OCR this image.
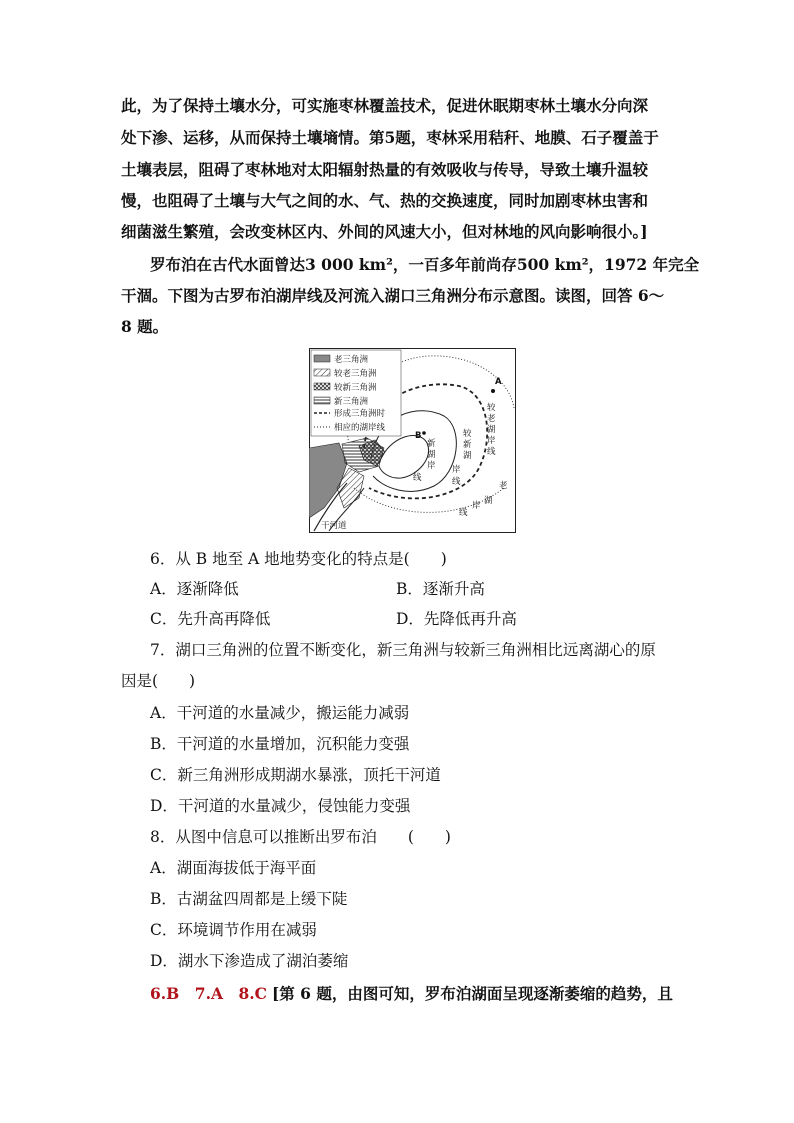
此，为了保持土壤水分，可实施枣林覆盖技术，促进休眠期枣林土壤水分向深
处下渗、运移，从而保持土壤墒情。第5题，枣林采用秸秆、地膜、石子覆盖于
土壤表层，阻碍了枣林地对太阳辐射热量的有效吸收与传导，导致土壤升温较
慢，也阻碍了土壤与大气之间的水、气、热的交换速度，同时加剧枣林虫害和
细菌滋生繁殖，会改变林区内、外间的风速大小，但对林地的风向影响很小。]
罗布泊在古代水面曾达3 000 km²，一百多年前尚存500 km²，1972 年完全
干涸。下图为古罗布泊湖岸线及河流入湖口三角洲分布示意图。读图，回答 6～
8 题。
老三角洲
较老三角洲
较新三角洲
新三角洲
形成三角洲时
相应的湖岸线
A
B
新
湖
岸
线
较
新
湖
岸
线
较
老
湖
岸
线
老
湖
岸
线
干河道
6．从 B 地至 A 地地势变化的特点是(　　)
A．逐渐降低	B．逐渐升高
C．先升高再降低	D．先降低再升高
7．湖口三角洲的位置不断变化，新三角洲与较新三角洲相比远离湖心的原
因是(　　)
A．干河道的水量减少，搬运能力减弱
B．干河道的水量增加，沉积能力变强
C．新三角洲形成期湖水暴涨，顶托干河道
D．干河道的水量减少，侵蚀能力变强
8．从图中信息可以推断出罗布泊　　(　　)
A．湖面海拔低于海平面
B．古湖盆四周都是上缓下陡
C．环境调节作用在减弱
D．湖水下渗造成了湖泊萎缩
6.B　7.A　8.C [第 6 题，由图可知，罗布泊湖面呈现逐渐萎缩的趋势，且
